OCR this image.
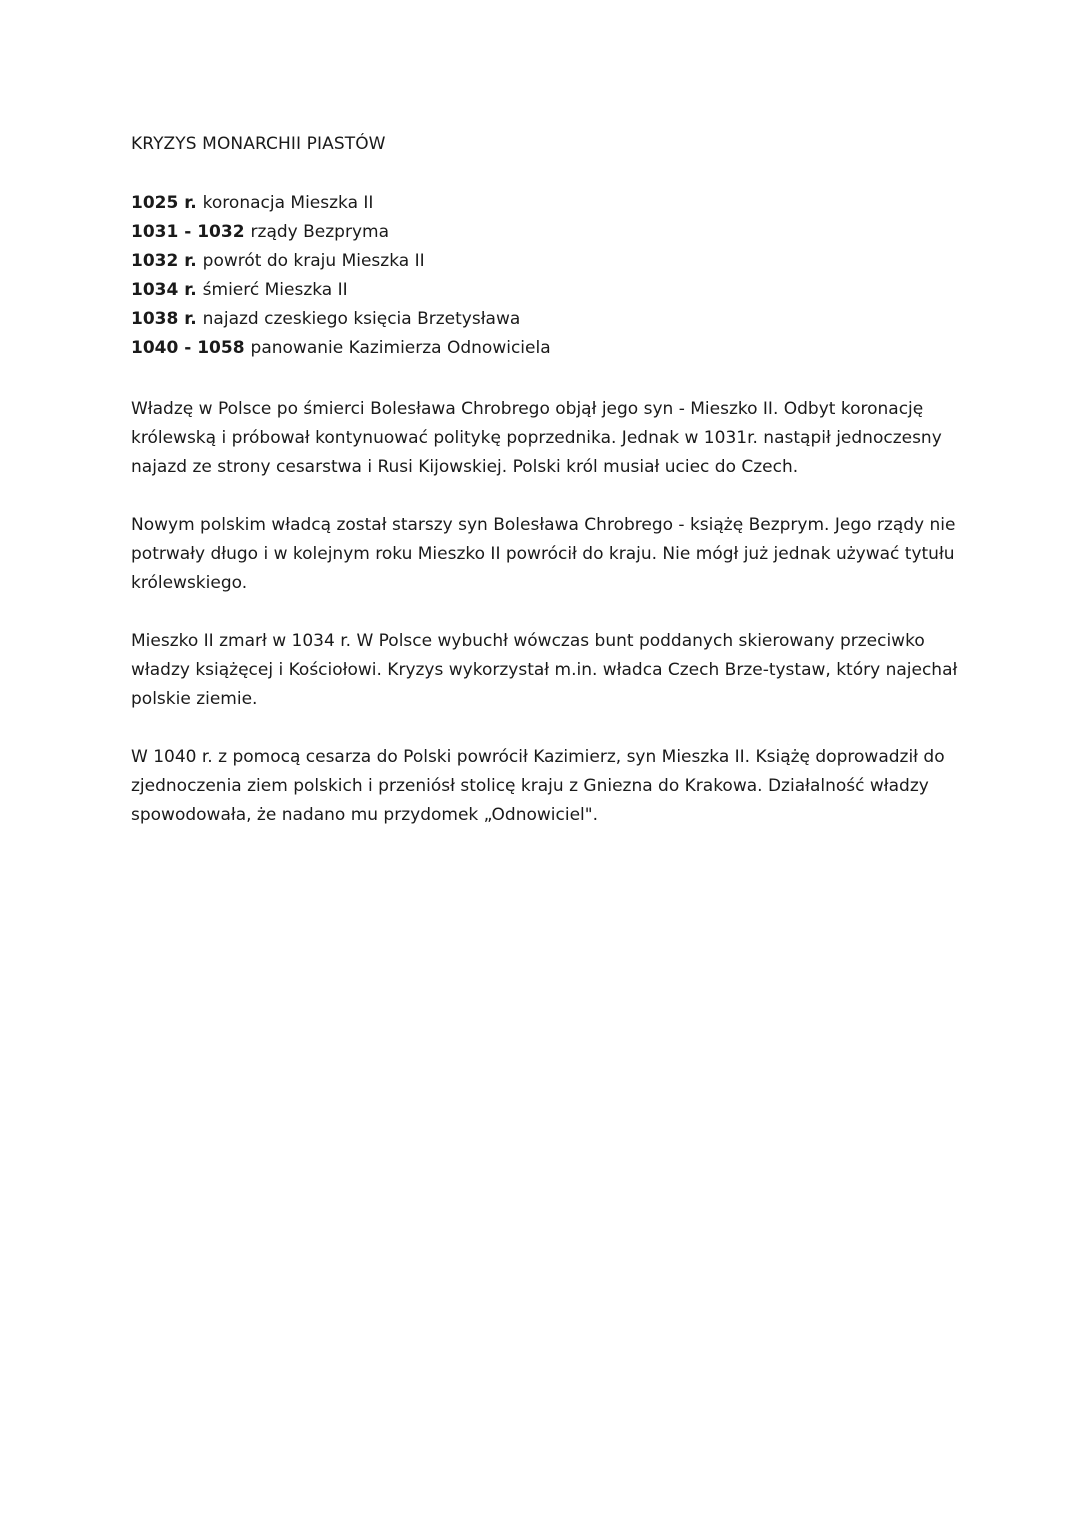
KRYZYS MONARCHII PIASTÓW
1025 r. koronacja Mieszka II
1031 - 1032 rządy Bezpryma
1032 r. powrót do kraju Mieszka II
1034 r. śmierć Mieszka II
1038 r. najazd czeskiego księcia Brzetysława
1040 - 1058 panowanie Kazimierza Odnowiciela

Władzę w Polsce po śmierci Bolesława Chrobrego objął jego syn - Mieszko II. Odbyt koronację królewską i próbował kontynuować politykę poprzednika. Jednak w 1031r. nastąpił jednoczesny najazd ze strony cesarstwa i Rusi Kijowskiej. Polski król musiał uciec do Czech.

Nowym polskim władcą został starszy syn Bolesława Chrobrego - książę Bezprym. Jego rządy nie potrwały długo i w kolejnym roku Mieszko II powrócił do kraju. Nie mógł już jednak używać tytułu królewskiego.

Mieszko II zmarł w 1034 r. W Polsce wybuchł wówczas bunt poddanych skierowany przeciwko władzy książęcej i Kościołowi. Kryzys wykorzystał m.in. władca Czech Brze-tystaw, który najechał polskie ziemie.

W 1040 r. z pomocą cesarza do Polski powrócił Kazimierz, syn Mieszka II. Książę doprowadził do zjednoczenia ziem polskich i przeniósł stolicę kraju z Gniezna do Krakowa. Działalność władzy spowodowała, że nadano mu przydomek „Odnowiciel".
